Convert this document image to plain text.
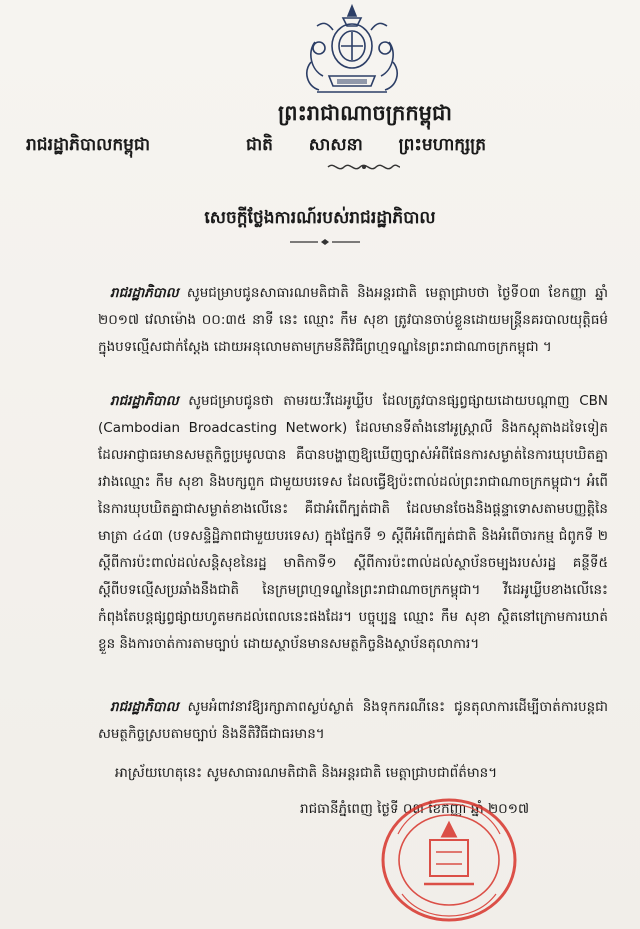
ព្រះរាជាណាចក្រកម្ពុជា
រាជរដ្ឋាភិបាលកម្ពុជា	ជាតិ សាសនា ព្រះមហាក្សត្រ
សេចក្ដីថ្លែងការណ៍របស់រាជរដ្ឋាភិបាល
រាជរដ្ឋាភិបាល សូមជម្រាបជូនសាធារណមតិជាតិ និងអន្តរជាតិ មេត្តាជ្រាបថា ថ្ងៃទី០៣ ខែកញ្ញា ឆ្នាំ ២០១៧ វេលាម៉ោង ០០:៣៥ នាទី នេះ ឈ្មោះ កឹម សុខា ត្រូវបានចាប់ខ្លួនដោយមន្ត្រីនគរបាលយុត្តិធម៌ ក្នុងបទល្មើសជាក់ស្តែង ដោយអនុលោមតាមក្រមនីតិវិធីព្រហ្មទណ្ឌនៃព្រះរាជាណាចក្រកម្ពុជា ។
រាជរដ្ឋាភិបាល សូមជម្រាបជូនថា តាមរយៈវីដេអូឃ្លីប ដែលត្រូវបានផ្សព្វផ្សាយដោយបណ្ដាញ CBN (Cambodian Broadcasting Network) ដែលមានទីតាំងនៅអូស្ត្រាលី និងកស្ដុតាងដទៃទៀតដែលអាជ្ញាធរមានសមត្ថកិច្ចប្រមូលបាន គឺបានបង្ហាញឱ្យឃើញច្បាស់អំពីផែនការសម្ងាត់នៃការឃុបឃិតគ្នារវាងឈ្មោះ កឹម សុខា និងបក្សពួក ជាមួយបរទេស ដែលធ្វើឱ្យប៉ះពាល់ដល់ព្រះរាជាណាចក្រកម្ពុជា។ អំពើនៃការឃុបឃិតគ្នាជាសម្ងាត់ខាងលើនេះ គឺជាអំពើក្បត់ជាតិ ដែលមានចែងនិងផ្ដន្ទាទោសតាមបញ្ញត្តិនៃមាត្រា ៤៤៣ (បទសន្ទិដ្ឋិភាពជាមួយបរទេស) ក្នុងផ្នែកទី ១ ស្តីពីអំពើក្បត់ជាតិ និងអំពើចារកម្ម ជំពូកទី ២ ស្តីពីការប៉ះពាល់ដល់សន្តិសុខនៃរដ្ឋ មាតិកាទី១ ស្តីពីការប៉ះពាល់ដល់ស្ថាប័នចម្បងរបស់រដ្ឋ គន្ថីទី៥ ស្តីពីបទល្មើសប្រឆាំងនឹងជាតិ នៃក្រមព្រហ្មទណ្ឌនៃព្រះរាជាណាចក្រកម្ពុជា។ វីដេអូឃ្លីបខាងលើនេះ កំពុងតែបន្តផ្សព្វផ្សាយហូតមកដល់ពេលនេះផងដែរ។ បច្ចុប្បន្ន ឈ្មោះ កឹម សុខា ស្ថិតនៅក្រោមការឃាត់ខ្លួន និងការចាត់ការតាមច្បាប់ ដោយស្ថាប័នមានសមត្ថកិច្ចនិងស្ថាប័នតុលាការ។
រាជរដ្ឋាភិបាល សូមអំពាវនាវឱ្យរក្សាភាពស្ងប់ស្ងាត់ និងទុកករណីនេះ ជូនតុលាការដើម្បីចាត់ការបន្តជាសមត្ថកិច្ចស្របតាមច្បាប់ និងនីតិវិធីជាធរមាន។
អាស្រ័យហេតុនេះ សូមសាធារណមតិជាតិ និងអន្តរជាតិ មេត្តាជ្រាបជាព័ត៌មាន។
រាជធានីភ្នំពេញ ថ្ងៃទី ០៣ ខែកញ្ញា ឆ្នាំ ២០១៧
